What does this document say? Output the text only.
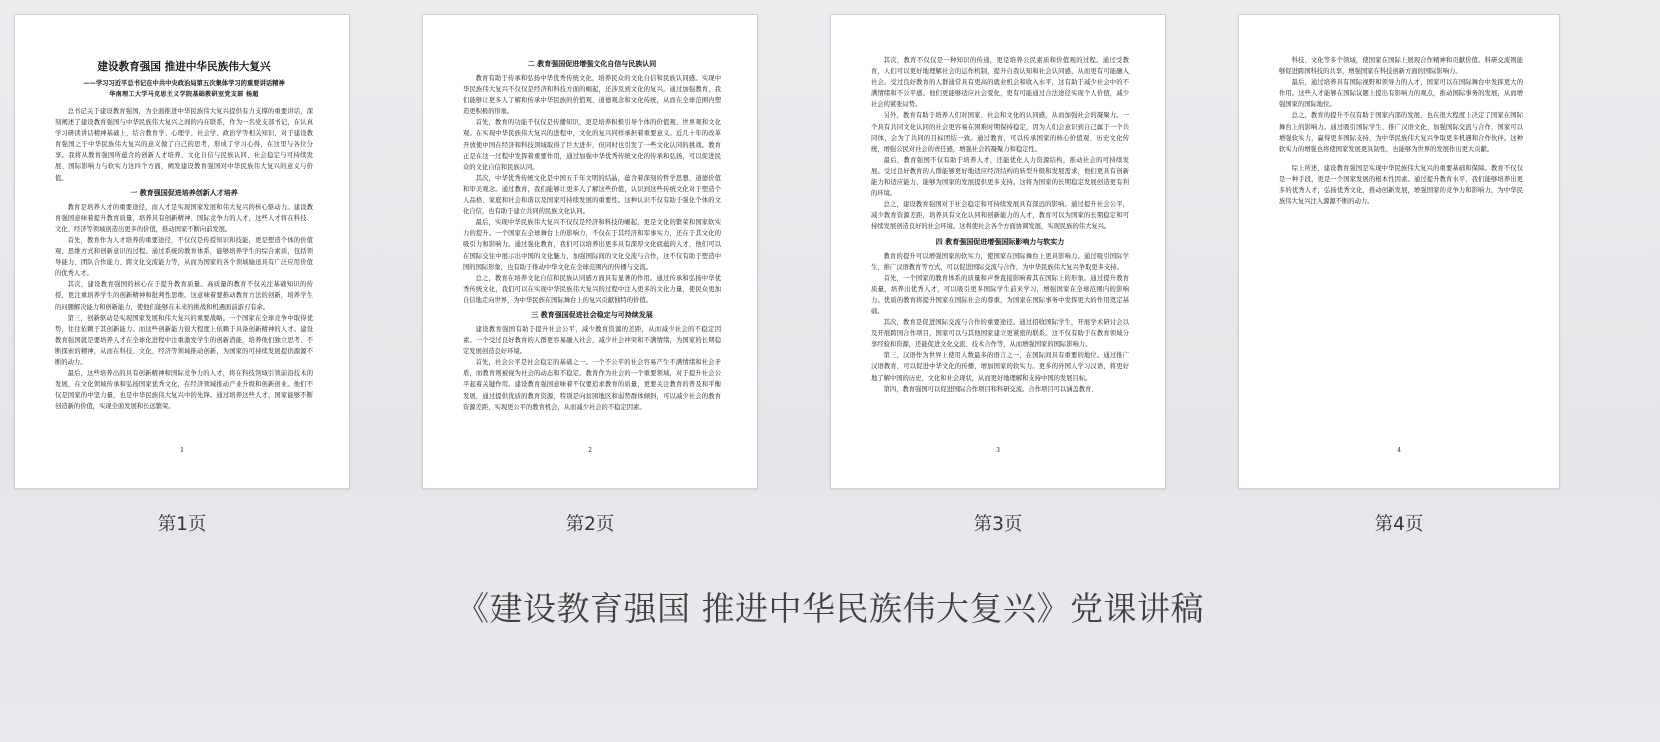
建设教育强国 推进中华民族伟大复兴
——学习习近平总书记在中共中央政治局第五次集体学习的重要讲话精神
华南理工大学马克思主义学院基础教研室党支部 杨超

总书记关于建设教育强国，为全面推进中华民族伟大复兴提供有力支撑的重要讲话，深刻阐述了建设教育强国与中华民族伟大复兴之间的内在联系，作为一名党支部书记，在认真学习研读讲话精神基础上，结合教育学、心理学、社会学、政治学等相关知识，对于建设教育强国之于中华民族伟大复兴的意义做了自己的思考，形成了学习心得，在这里与各位分享。我将从教育强国所蕴含的创新人才培养、文化自信与民族认同、社会稳定与可持续发展、国际影响力与软实力这四个方面，阐发建设教育强国对中华民族伟大复兴的意义与价值。

一 教育强国促进培养创新人才培养

教育是培养人才的重要途径，而人才是实现国家发展和伟大复兴的核心驱动力。建设教育强国意味着提升教育质量，培养具有创新精神、国际竞争力的人才，这些人才将在科技、文化、经济等领域创造出更多的价值，推动国家不断向前发展。

首先，教育作为人才培养的重要途径，不仅仅是传授知识和技能，更是塑造个体的价值观、思维方式和创新意识的过程。通过系统的教育体系，能够培养学生的综合素质，包括领导能力、团队合作能力、跨文化交流能力等，从而为国家的各个领域输送具有广泛应用价值的优秀人才。

其次，建设教育强国的核心在于提升教育质量。高质量的教育不仅关注基础知识的传授，更注重培养学生的创新精神和批判性思维。这意味着要推动教育方法的创新，培养学生的问题解决能力和创新能力，使他们能够在未来的挑战和机遇面前游刃有余。

第三，创新驱动是实现国家发展和伟大复兴的重要战略。一个国家在全球竞争中取得优势，往往依赖于其创新能力。而这些创新能力很大程度上依赖于具备创新精神的人才。建设教育强国就是要培养人才在全球化进程中注重激发学生的创新潜能，培养他们独立思考、不断探索的精神，从而在科技、文化、经济等领域推动创新，为国家的可持续发展提供源源不断的动力。

最后，这些培养出的具有创新精神和国际竞争力的人才，将在科技领域引领前沿技术的发展，在文化领域传承和弘扬国家优秀文化，在经济领域推动产业升级和创新创业。他们不仅是国家的中坚力量，也是中华民族伟大复兴中的先锋。通过培养这些人才，国家能够不断创造新的价值，实现全面发展和长远繁荣。

1
第1页
二 教育强国促进增强文化自信与民族认同

教育有助于传承和弘扬中华优秀传统文化，培养民众的文化自信和民族认同感。实现中华民族伟大复兴不仅仅是经济和科技方面的崛起，还涉及到文化的复兴。通过加强教育，我们能够让更多人了解和传承中华民族的价值观、道德观念和文化传统，从而在全球范围内塑造更积极的形象。

首先，教育的功能不仅仅是传播知识，更是培养积极引导个体的价值观、世界观和文化观。在实现中华民族伟大复兴的进程中，文化的复兴同样承担着重要意义。近几十年的改革开放使中国在经济和科技领域取得了巨大进步，但同时也引发了一些文化认同的挑战。教育正是在这一过程中发挥着重要作用，通过加强中华优秀传统文化的传承和弘扬，可以促进民众的文化自信和民族认同。

其次，中华优秀传统文化是中国五千年文明的结晶，蕴含着深刻的哲学思想、道德价值和审美观念。通过教育，我们能够让更多人了解这些价值，认识到这些传统文化对于塑造个人品格、家庭和社会和谐以及国家可持续发展的重要性。这种认识不仅有助于强化个体的文化自信，也有助于建立共同的民族文化认同。

最后，实现中华民族伟大复兴不仅仅是经济和科技的崛起，更是文化的繁荣和国家软实力的提升。一个国家在全球舞台上的影响力，不仅在于其经济和军事实力，还在于其文化的吸引力和影响力。通过强化教育，我们可以培养出更多具有深厚文化底蕴的人才，他们可以在国际交往中展示出中国的文化魅力，加强国际间的文化交流与合作，这不仅有助于塑造中国的国际形象，也有助于推动中华文化在全球范围内的传播与交流。

总之，教育在培养文化自信和民族认同感方面具有显著的作用。通过传承和弘扬中华优秀传统文化，我们可以在实现中华民族伟大复兴的过程中注入更多的文化力量，使民众更加自信地走向世界，为中华民族在国际舞台上的复兴贡献独特的价值。

三 教育强国促进社会稳定与可持续发展

建设教育强国有助于提升社会公平，减少教育资源的差距，从而减少社会的不稳定因素。一个受过良好教育的人群更容易融入社会，减少社会冲突和不满情绪，为国家的长期稳定发展创造良好环境。

首先，社会公平是社会稳定的基础之一。一个不公平的社会容易产生不满情绪和社会矛盾，而教育则被视为社会的动态和不稳定。教育作为社会的一个重要领域，对于提升社会公平起着关键作用。建设教育强国意味着不仅要追求教育的质量，更要关注教育的普及和平衡发展，通过提供优质的教育资源，特别是向贫困地区和弱势群体倾斜，可以减少社会的教育资源差距，实现更公平的教育机会，从而减少社会的不稳定因素。

2
第2页

其次，教育不仅仅是一种知识的传递，更是培养公民素质和价值观的过程。通过受教育，人们可以更好地理解社会的运作机制，提升自我认知和社会认同感，从而更有可能融入社会。受过良好教育的人群通常具有更高的就业机会和收入水平，这有助于减少社会中的不满情绪和不公平感。他们更能够适应社会变化，更有可能通过合法途径实现个人价值，减少社会的紧张局势。

另外，教育有助于培养人们对国家、社会和文化的认同感，从而加强社会的凝聚力。一个具有共同文化认同的社会更容易在困难时期保持稳定，因为人们会意识到自己属于一个共同体，会为了共同的目标团结一致。通过教育，可以传承国家的核心价值观、历史文化传统，增强公民对社会的责任感，增强社会的凝聚力和稳定性。

最后，教育强国不仅有助于培养人才，还能优化人力资源结构，推动社会的可持续发展。受过良好教育的人群能够更好地适应经济结构的转型升级和发展需求，他们更具有创新能力和适应能力，能够为国家的发展提供更多支持。这将为国家的长期稳定发展创造更有利的环境。

总之，建设教育强国对于社会稳定和可持续发展具有深远的影响。通过提升社会公平，减少教育资源差距，培养具有文化认同和创新能力的人才，教育可以为国家的长期稳定和可持续发展创造良好的社会环境。这将使社会各个方面协调发展，实现民族的伟大复兴。

四 教育强国促进增强国际影响力与软实力

教育的提升可以增强国家的软实力，使国家在国际舞台上更具影响力。通过吸引国际学生、推广汉语教育等方式，可以促进国际交流与合作，为中华民族伟大复兴争取更多支持。

首先，一个国家的教育体系的质量和声誉直接影响着其在国际上的形象。通过提升教育质量，培养出优秀人才，可以吸引更多国际学生前来学习，增强国家在全球范围内的影响力。优质的教育将提升国家在国际社会的尊重，为国家在国际事务中发挥更大的作用奠定基础。

其次，教育是促进国际交流与合作的重要途径。通过招收国际学生，开展学术研讨会以及开展跨国合作项目，国家可以与其他国家建立更紧密的联系。这不仅有助于在教育领域分享经验和资源，还能促进文化交流、技术合作等，从而增强国家的国际影响力。

第三，汉语作为世界上使用人数最多的语言之一，在国际间具有重要的地位。通过推广汉语教育，可以促进中华文化的传播，增加国家的软实力。更多的外国人学习汉语，将更好地了解中国的历史、文化和社会现状，从而更好地理解和支持中国的发展目标。

第四，教育强国可以促进国际合作项目和科研交流。合作项目可以涵盖教育、

3
第3页

科技、文化等多个领域，使国家在国际上展现合作精神和贡献价值。科研交流则能够促进跨国科技的共享，增强国家在科技创新方面的国际影响力。

最后，通过培养具有国际视野和领导力的人才，国家可以在国际舞台中发挥更大的作用。这些人才能够在国际议题上提出有影响力的观点，推动国际事务的发展，从而增强国家的国际地位。

总之，教育的提升不仅有助于国家内部的发展，也在很大程度上决定了国家在国际舞台上的影响力。通过吸引国际学生、推广汉语文化、加强国际交流与合作，国家可以增强软实力，赢得更多国际支持，为中华民族伟大复兴争取更多机遇和合作伙伴。这种软实力的增强也将使国家发展更具韧性，也能够为世界的发展作出更大贡献。

综上所述，建设教育强国是实现中华民族伟大复兴的重要基础和保障。教育不仅仅是一种手段，更是一个国家发展的根本性因素。通过提升教育水平，我们能够培养出更多的优秀人才，弘扬优秀文化，推动创新发展，增强国家的竞争力和影响力，为中华民族伟大复兴注入源源不断的动力。

4
第4页
《建设教育强国 推进中华民族伟大复兴》党课讲稿
